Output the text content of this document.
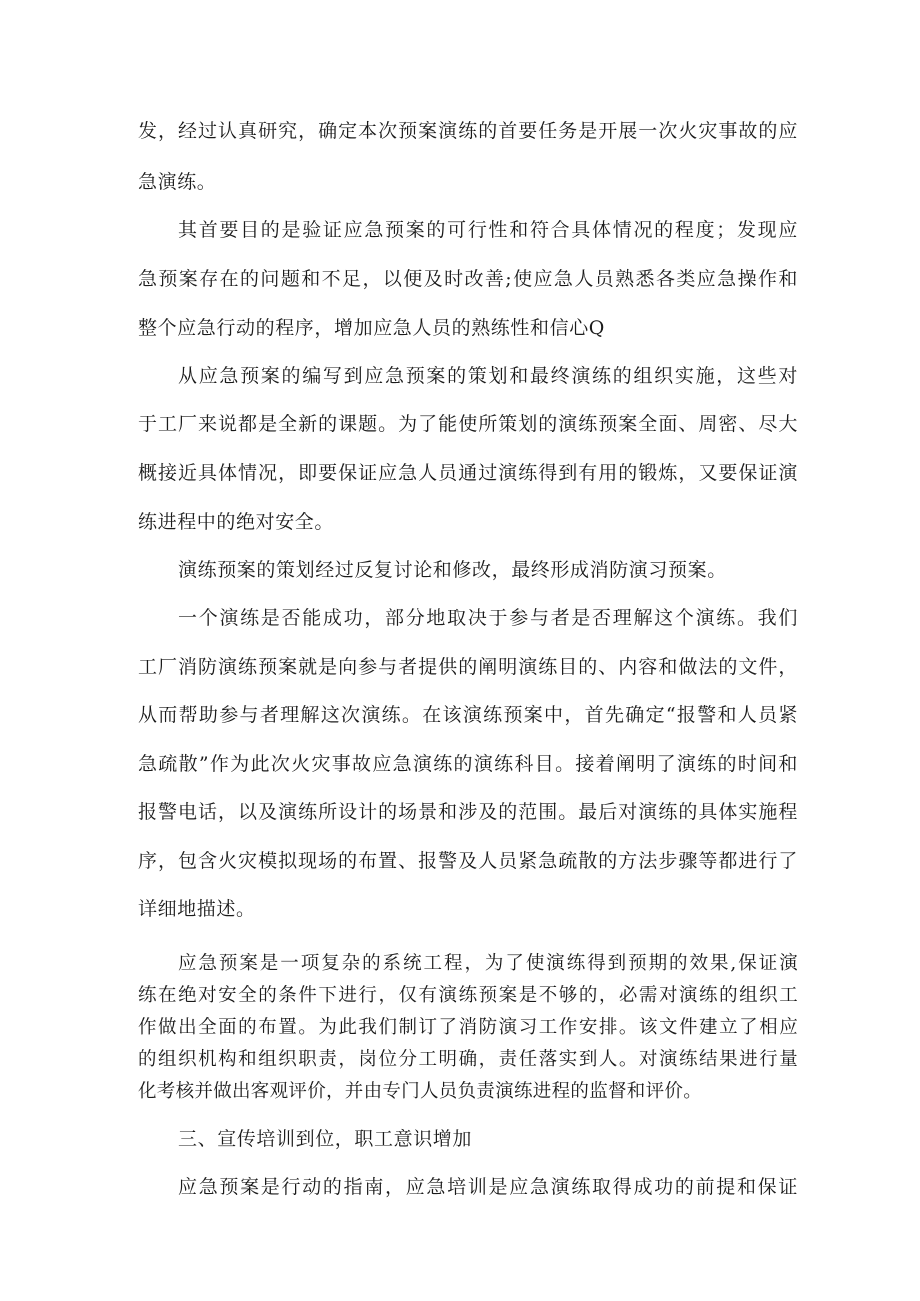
发，经过认真研究，确定本次预案演练的首要任务是开展一次火灾事故的应
急演练。
其首要目的是验证应急预案的可行性和符合具体情况的程度；发现应
急预案存在的问题和不足，以便及时改善;使应急人员熟悉各类应急操作和
整个应急行动的程序，增加应急人员的熟练性和信心Q
从应急预案的编写到应急预案的策划和最终演练的组织实施，这些对
于工厂来说都是全新的课题。为了能使所策划的演练预案全面、周密、尽大
概接近具体情况，即要保证应急人员通过演练得到有用的锻炼，又要保证演
练进程中的绝对安全。
演练预案的策划经过反复讨论和修改，最终形成消防演习预案。
一个演练是否能成功，部分地取决于参与者是否理解这个演练。我们
工厂消防演练预案就是向参与者提供的阐明演练目的、内容和做法的文件，
从而帮助参与者理解这次演练。在该演练预案中，首先确定“报警和人员紧
急疏散”作为此次火灾事故应急演练的演练科目。接着阐明了演练的时间和
报警电话，以及演练所设计的场景和涉及的范围。最后对演练的具体实施程
序，包含火灾模拟现场的布置、报警及人员紧急疏散的方法步骤等都进行了
详细地描述。
应急预案是一项复杂的系统工程，为了使演练得到预期的效果,保证演
练在绝对安全的条件下进行，仅有演练预案是不够的，必需对演练的组织工
作做出全面的布置。为此我们制订了消防演习工作安排。该文件建立了相应
的组织机构和组织职责，岗位分工明确，责任落实到人。对演练结果进行量
化考核并做出客观评价，并由专门人员负责演练进程的监督和评价。
三、宣传培训到位，职工意识增加
应急预案是行动的指南，应急培训是应急演练取得成功的前提和保证
